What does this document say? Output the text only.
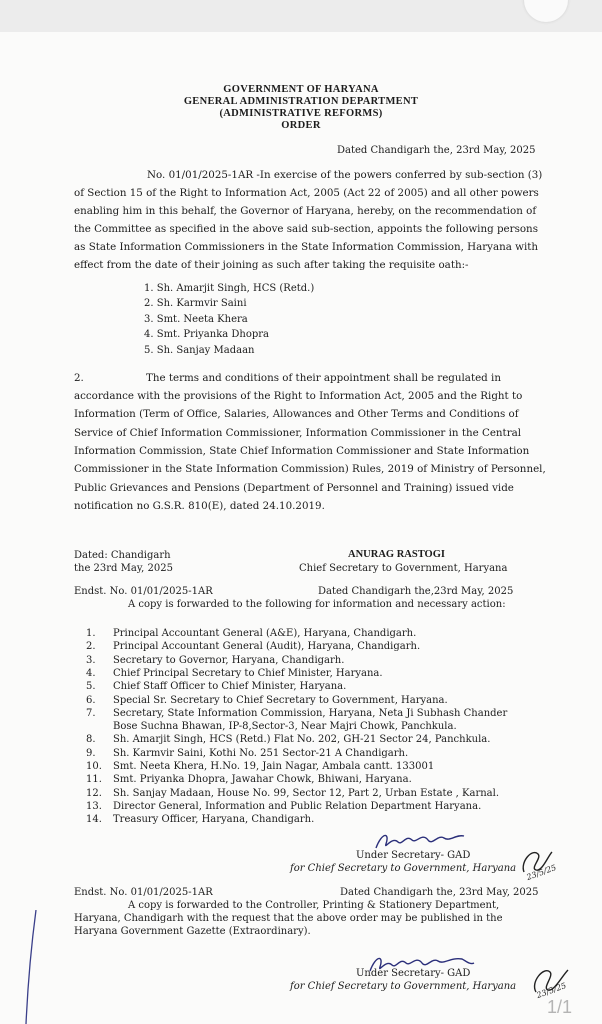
GOVERNMENT OF HARYANA
GENERAL ADMINISTRATION DEPARTMENT
(ADMINISTRATIVE REFORMS)
ORDER
Dated Chandigarh the, 23rd May, 2025
No. 01/01/2025-1AR -In exercise of the powers conferred by sub-section (3)
of Section 15 of the Right to Information Act, 2005 (Act 22 of 2005) and all other powers
enabling him in this behalf, the Governor of Haryana, hereby, on the recommendation of
the Committee as specified in the above said sub-section, appoints the following persons
as State Information Commissioners in the State Information Commission, Haryana with
effect from the date of their joining as such after taking the requisite oath:-
1. Sh. Amarjit Singh, HCS (Retd.)
2. Sh. Karmvir Saini
3. Smt. Neeta Khera
4. Smt. Priyanka Dhopra
5. Sh. Sanjay Madaan
2.	The terms and conditions of their appointment shall be regulated in
accordance with the provisions of the Right to Information Act, 2005 and the Right to
Information (Term of Office, Salaries, Allowances and Other Terms and Conditions of
Service of Chief Information Commissioner, Information Commissioner in the Central
Information Commission, State Chief Information Commissioner and State Information
Commissioner in the State Information Commission) Rules, 2019 of Ministry of Personnel,
Public Grievances and Pensions (Department of Personnel and Training) issued vide
notification no G.S.R. 810(E), dated 24.10.2019.
Dated: Chandigarh
the 23rd May, 2025
ANURAG RASTOGI
Chief Secretary to Government, Haryana
Endst. No. 01/01/2025-1AR	Dated Chandigarh the,23rd May, 2025
A copy is forwarded to the following for information and necessary action:
1.	Principal Accountant General (A&E), Haryana, Chandigarh.
2.	Principal Accountant General (Audit), Haryana, Chandigarh.
3.	Secretary to Governor, Haryana, Chandigarh.
4.	Chief Principal Secretary to Chief Minister, Haryana.
5.	Chief Staff Officer to Chief Minister, Haryana.
6.	Special Sr. Secretary to Chief Secretary to Government, Haryana.
7.	Secretary, State Information Commission, Haryana, Neta Ji Subhash Chander
Bose Suchna Bhawan, IP-8,Sector-3, Near Majri Chowk, Panchkula.
8.	Sh. Amarjit Singh, HCS (Retd.) Flat No. 202, GH-21 Sector 24, Panchkula.
9.	Sh. Karmvir Saini, Kothi No. 251 Sector-21 A Chandigarh.
10.	Smt. Neeta Khera, H.No. 19, Jain Nagar, Ambala cantt. 133001
11.	Smt. Priyanka Dhopra, Jawahar Chowk, Bhiwani, Haryana.
12.	Sh. Sanjay Madaan, House No. 99, Sector 12, Part 2, Urban Estate , Karnal.
13.	Director General, Information and Public Relation Department Haryana.
14.	Treasury Officer, Haryana, Chandigarh.
Under Secretary- GAD
for Chief Secretary to Government, Haryana 23/5/25
Endst. No. 01/01/2025-1AR	Dated Chandigarh the, 23rd May, 2025
A copy is forwarded to the Controller, Printing & Stationery Department,
Haryana, Chandigarh with the request that the above order may be published in the
Haryana Government Gazette (Extraordinary).
Under Secretary- GAD
for Chief Secretary to Government, Haryana 23/5/25
1/1
